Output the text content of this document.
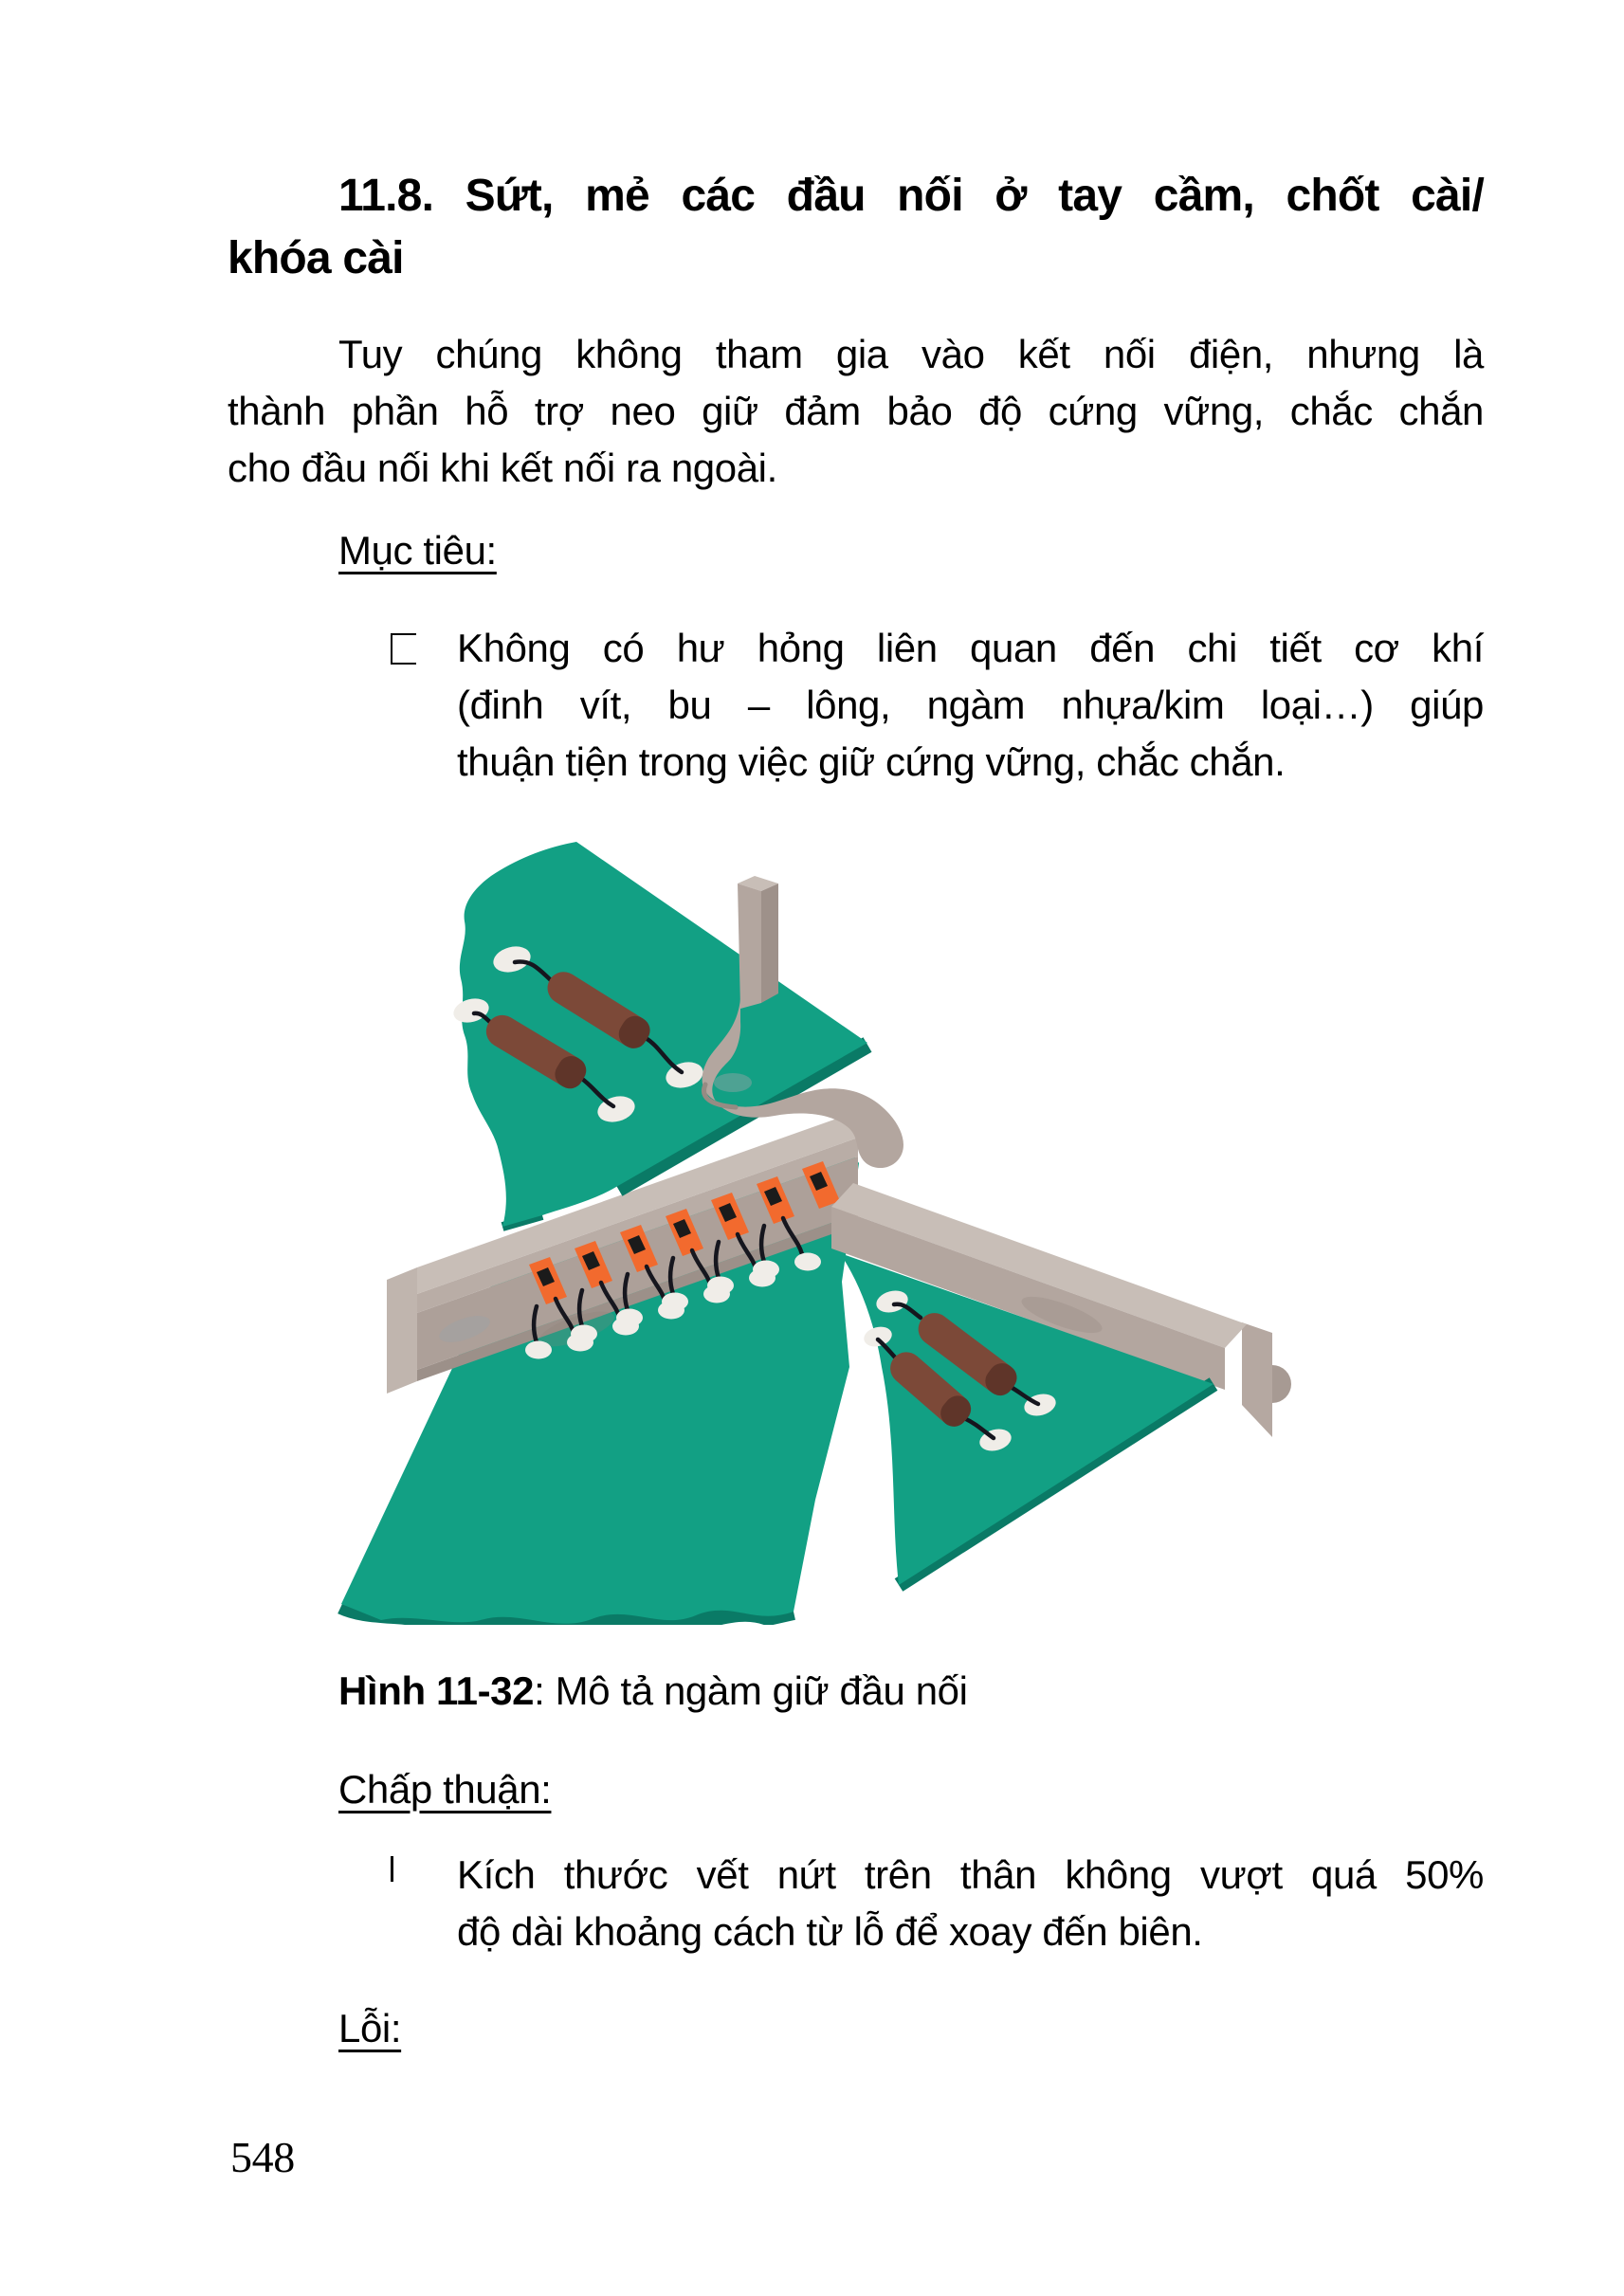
11.8. Sứt, mẻ các đầu nối ở tay cầm, chốt cài/
khóa cài
Tuy chúng không tham gia vào kết nối điện, nhưng là
thành phần hỗ trợ neo giữ đảm bảo độ cứng vững, chắc chắn
cho đầu nối khi kết nối ra ngoài.
Mục tiêu:
Không có hư hỏng liên quan đến chi tiết cơ khí
(đinh vít, bu – lông, ngàm nhựa/kim loại…) giúp
thuận tiện trong việc giữ cứng vững, chắc chắn.
Hình 11-32: Mô tả ngàm giữ đầu nối
Chấp thuận:
Kích thước vết nứt trên thân không vượt quá 50%
độ dài khoảng cách từ lỗ để xoay đến biên.
Lỗi:
548
